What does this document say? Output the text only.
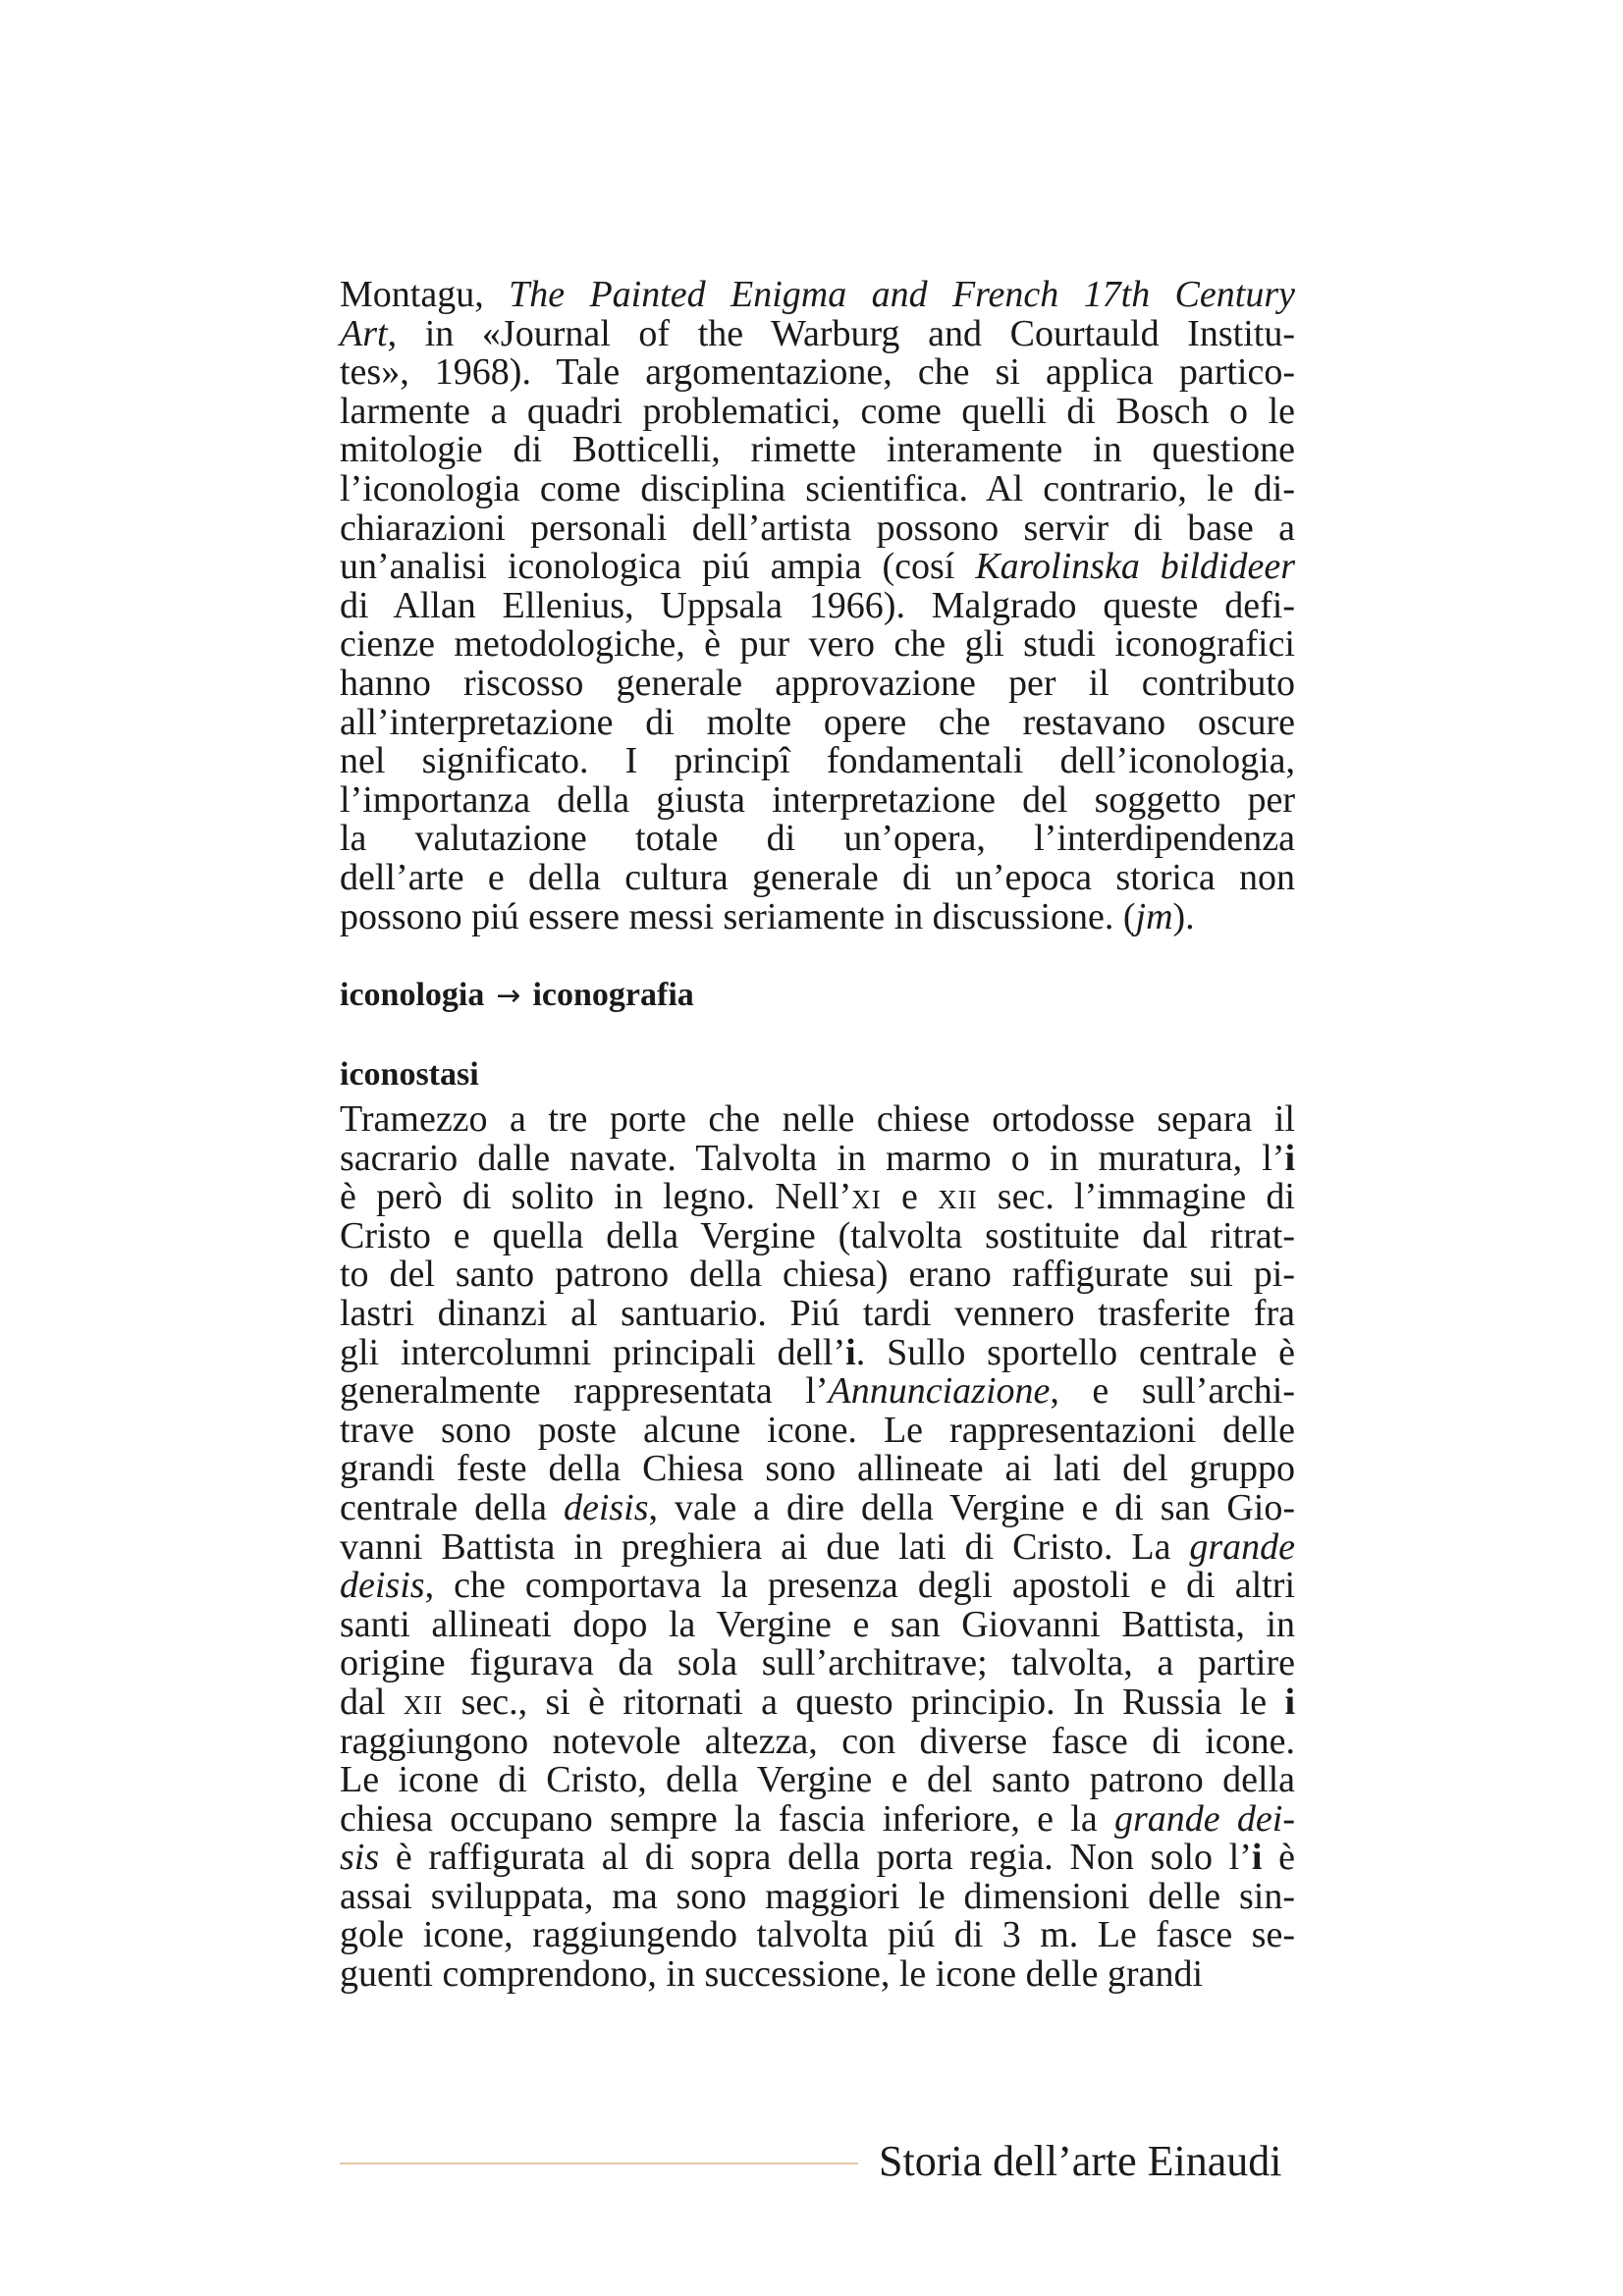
Montagu, The Painted Enigma and French 17th Century
Art, in «Journal of the Warburg and Courtauld Institu-
tes», 1968). Tale argomentazione, che si applica partico-
larmente a quadri problematici, come quelli di Bosch o le
mitologie di Botticelli, rimette interamente in questione
l’iconologia come disciplina scientifica. Al contrario, le di-
chiarazioni personali dell’artista possono servir di base a
un’analisi iconologica piú ampia (cosí Karolinska bildideer
di Allan Ellenius, Uppsala 1966). Malgrado queste defi-
cienze metodologiche, è pur vero che gli studi iconografici
hanno riscosso generale approvazione per il contributo
all’interpretazione di molte opere che restavano oscure
nel significato. I principî fondamentali dell’iconologia,
l’importanza della giusta interpretazione del soggetto per
la valutazione totale di un’opera, l’interdipendenza
dell’arte e della cultura generale di un’epoca storica non
possono piú essere messi seriamente in discussione. (jm).
iconologia → iconografia
iconostasi
Tramezzo a tre porte che nelle chiese ortodosse separa il
sacrario dalle navate. Talvolta in marmo o in muratura, l’i
è però di solito in legno. Nell’xi e xii sec. l’immagine di
Cristo e quella della Vergine (talvolta sostituite dal ritrat-
to del santo patrono della chiesa) erano raffigurate sui pi-
lastri dinanzi al santuario. Piú tardi vennero trasferite fra
gli intercolumni principali dell’i. Sullo sportello centrale è
generalmente rappresentata l’Annunciazione, e sull’archi-
trave sono poste alcune icone. Le rappresentazioni delle
grandi feste della Chiesa sono allineate ai lati del gruppo
centrale della deisis, vale a dire della Vergine e di san Gio-
vanni Battista in preghiera ai due lati di Cristo. La grande
deisis, che comportava la presenza degli apostoli e di altri
santi allineati dopo la Vergine e san Giovanni Battista, in
origine figurava da sola sull’architrave; talvolta, a partire
dal xii sec., si è ritornati a questo principio. In Russia le i
raggiungono notevole altezza, con diverse fasce di icone.
Le icone di Cristo, della Vergine e del santo patrono della
chiesa occupano sempre la fascia inferiore, e la grande dei-
sis è raffigurata al di sopra della porta regia. Non solo l’i è
assai sviluppata, ma sono maggiori le dimensioni delle sin-
gole icone, raggiungendo talvolta piú di 3 m. Le fasce se-
guenti comprendono, in successione, le icone delle grandi
Storia dell’arte Einaudi
